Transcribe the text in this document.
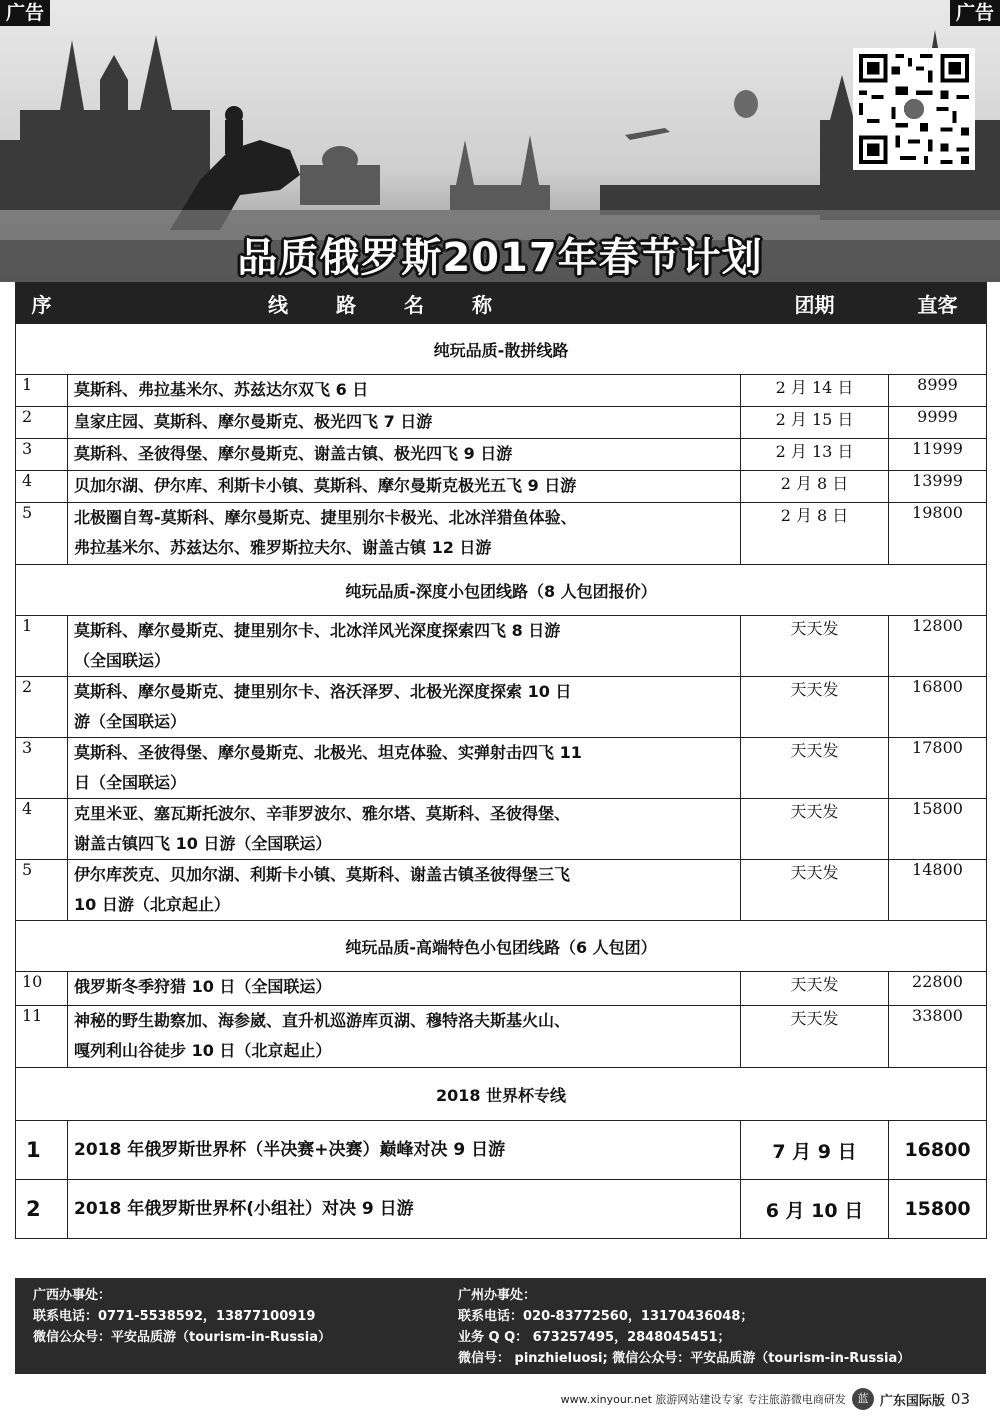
广告	广告
品质俄罗斯2017年春节计划
序	线路名称	团期	直客
纯玩品质-散拼线路			
1	莫斯科、弗拉基米尔、苏兹达尔双飞 6 日	2 月 14 日	8999
2	皇家庄园、莫斯科、摩尔曼斯克、极光四飞 7 日游	2 月 15 日	9999
3	莫斯科、圣彼得堡、摩尔曼斯克、谢盖古镇、极光四飞 9 日游	2 月 13 日	11999
4	贝加尔湖、伊尔库、利斯卡小镇、莫斯科、摩尔曼斯克极光五飞 9 日游	2 月 8 日	13999
5	北极圈自驾-莫斯科、摩尔曼斯克、捷里别尔卡极光、北冰洋猎鱼体验、
弗拉基米尔、苏兹达尔、雅罗斯拉夫尔、谢盖古镇 12 日游	2 月 8 日	19800
纯玩品质-深度小包团线路（8 人包团报价）			
1	莫斯科、摩尔曼斯克、捷里别尔卡、北冰洋风光深度探索四飞 8 日游
（全国联运）	天天发	12800
2	莫斯科、摩尔曼斯克、捷里别尔卡、洛沃泽罗、北极光深度探索 10 日
游（全国联运）	天天发	16800
3	莫斯科、圣彼得堡、摩尔曼斯克、北极光、坦克体验、实弹射击四飞 11
日（全国联运）	天天发	17800
4	克里米亚、塞瓦斯托波尔、辛菲罗波尔、雅尔塔、莫斯科、圣彼得堡、
谢盖古镇四飞 10 日游（全国联运）	天天发	15800
5	伊尔库茨克、贝加尔湖、利斯卡小镇、莫斯科、谢盖古镇圣彼得堡三飞
10 日游（北京起止）	天天发	14800
纯玩品质-高端特色小包团线路（6 人包团）			
10	俄罗斯冬季狩猎 10 日（全国联运）	天天发	22800
11	神秘的野生勘察加、海参崴、直升机巡游库页湖、穆特洛夫斯基火山、
嘎列利山谷徒步 10 日（北京起止）	天天发	33800
2018 世界杯专线			
1	2018 年俄罗斯世界杯（半决赛+决赛）巅峰对决 9 日游	7 月 9 日	16800
2	2018 年俄罗斯世界杯(小组社）对决 9 日游	6 月 10 日	15800
广西办事处：
联系电话：0771-5538592，13877100919
微信公众号：平安品质游（tourism-in-Russia）
广州办事处：
联系电话：020-83772560，13170436048；
业务 Q Q： 673257495，2848045451；
微信号： pinzhieluosi; 微信公众号：平安品质游（tourism-in-Russia）
www.xinyour.net 旅游网站建设专家 专注旅游微电商研发	蓝 广东国际版 03
